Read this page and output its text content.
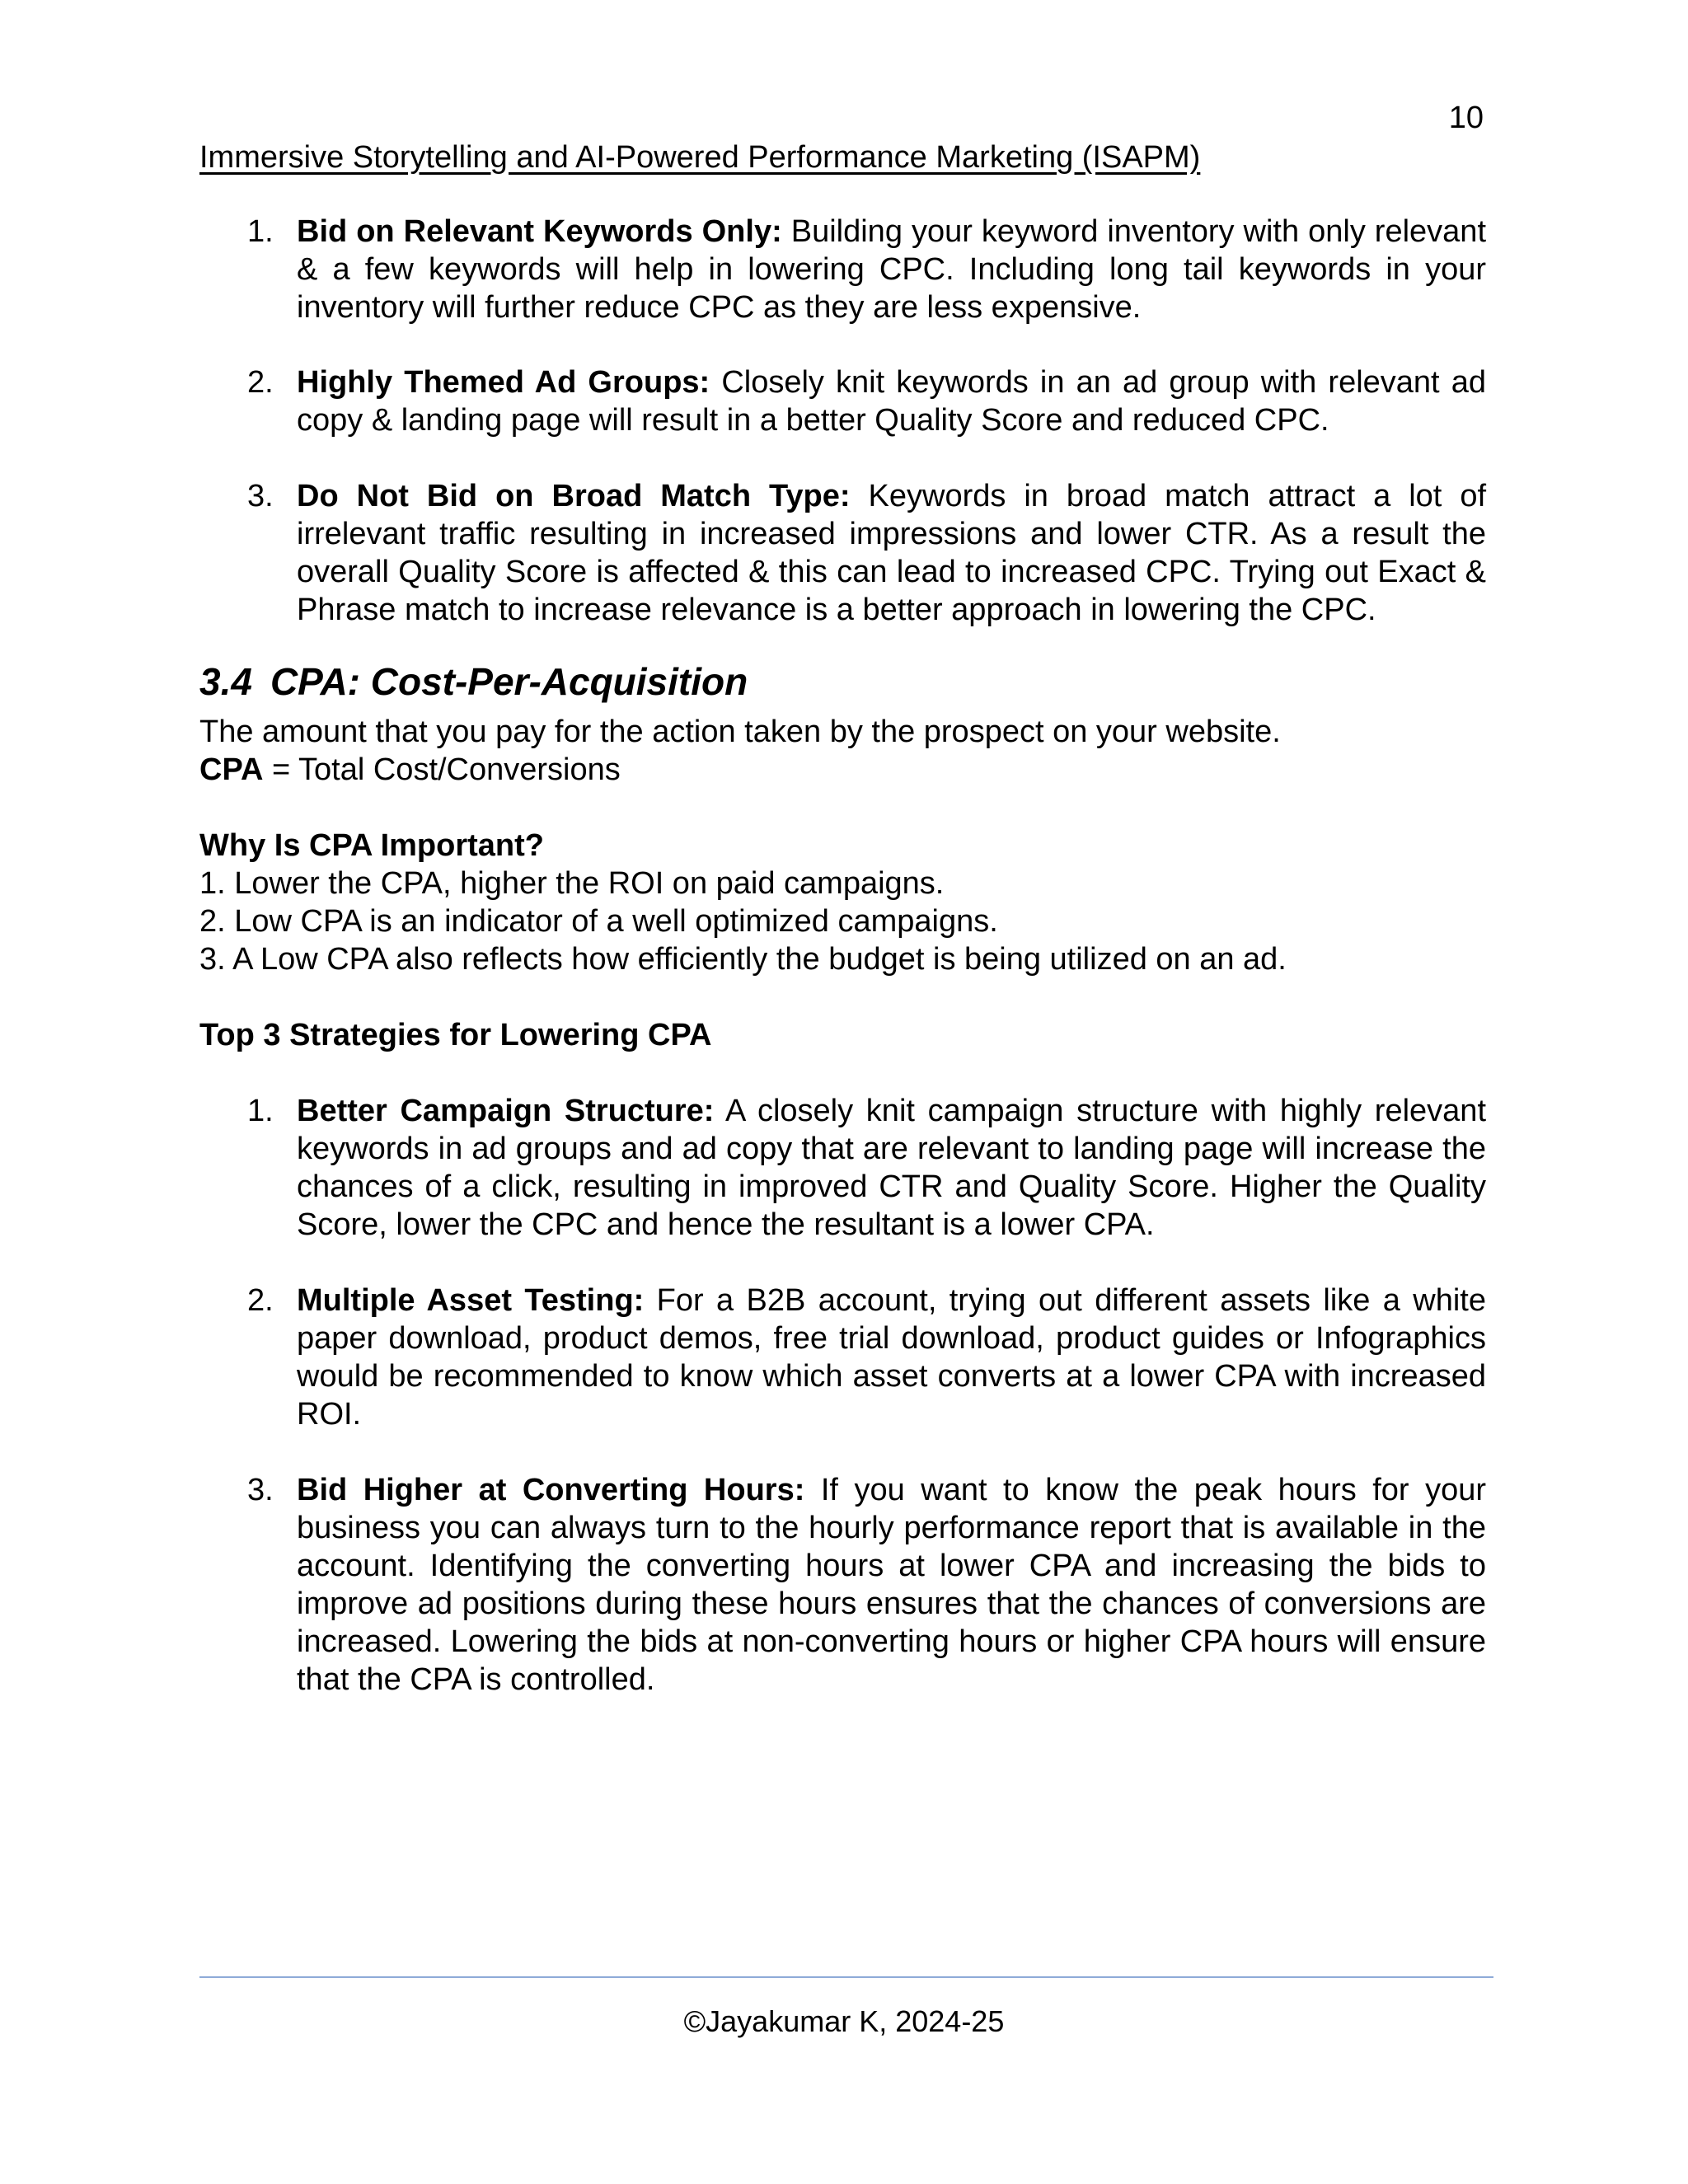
10
Immersive Storytelling and AI-Powered Performance Marketing (ISAPM)
1. Bid on Relevant Keywords Only: Building your keyword inventory with only relevant & a few keywords will help in lowering CPC. Including long tail keywords in your inventory will further reduce CPC as they are less expensive.

2. Highly Themed Ad Groups: Closely knit keywords in an ad group with relevant ad copy & landing page will result in a better Quality Score and reduced CPC.

3. Do Not Bid on Broad Match Type: Keywords in broad match attract a lot of irrelevant traffic resulting in increased impressions and lower CTR. As a result the overall Quality Score is affected & this can lead to increased CPC. Trying out Exact & Phrase match to increase relevance is a better approach in lowering the CPC.

3.4 CPA: Cost-Per-Acquisition

The amount that you pay for the action taken by the prospect on your website.

CPA = Total Cost/Conversions

Why Is CPA Important?

1. Lower the CPA, higher the ROI on paid campaigns.

2. Low CPA is an indicator of a well optimized campaigns.

3. A Low CPA also reflects how efficiently the budget is being utilized on an ad.

Top 3 Strategies for Lowering CPA

1. Better Campaign Structure: A closely knit campaign structure with highly relevant keywords in ad groups and ad copy that are relevant to landing page will increase the chances of a click, resulting in improved CTR and Quality Score. Higher the Quality Score, lower the CPC and hence the resultant is a lower CPA.

2. Multiple Asset Testing: For a B2B account, trying out different assets like a white paper download, product demos, free trial download, product guides or Infographics would be recommended to know which asset converts at a lower CPA with increased ROI.

3. Bid Higher at Converting Hours: If you want to know the peak hours for your business you can always turn to the hourly performance report that is available in the account. Identifying the converting hours at lower CPA and increasing the bids to improve ad positions during these hours ensures that the chances of conversions are increased. Lowering the bids at non-converting hours or higher CPA hours will ensure that the CPA is controlled.

©Jayakumar K, 2024-25
